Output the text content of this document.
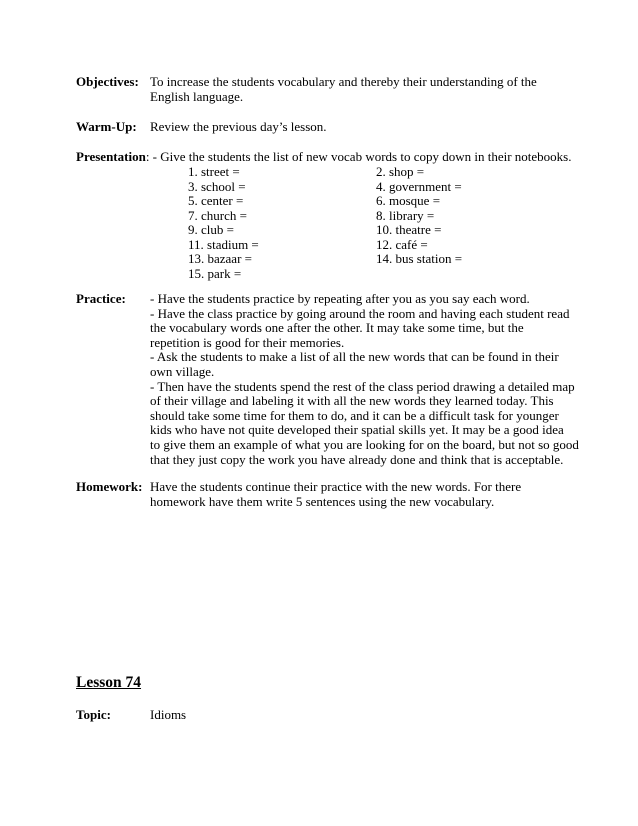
Objectives: To increase the students vocabulary and thereby their understanding of the
English language.
Warm-Up: Review the previous day’s lesson.
Presentation: - Give the students the list of new vocab words to copy down in their notebooks.
1. street =	2. shop =
3. school =	4. government =
5. center =	6. mosque =
7. church =	8. library =
9. club =	10. theatre =
11. stadium =	12. café =
13. bazaar =	14. bus station =
15. park =
Practice: - Have the students practice by repeating after you as you say each word.
- Have the class practice by going around the room and having each student read
the vocabulary words one after the other. It may take some time, but the
repetition is good for their memories.
- Ask the students to make a list of all the new words that can be found in their
own village.
- Then have the students spend the rest of the class period drawing a detailed map
of their village and labeling it with all the new words they learned today. This
should take some time for them to do, and it can be a difficult task for younger
kids who have not quite developed their spatial skills yet. It may be a good idea
to give them an example of what you are looking for on the board, but not so good
that they just copy the work you have already done and think that is acceptable.
Homework: Have the students continue their practice with the new words. For there
homework have them write 5 sentences using the new vocabulary.
Lesson 74
Topic:	Idioms
